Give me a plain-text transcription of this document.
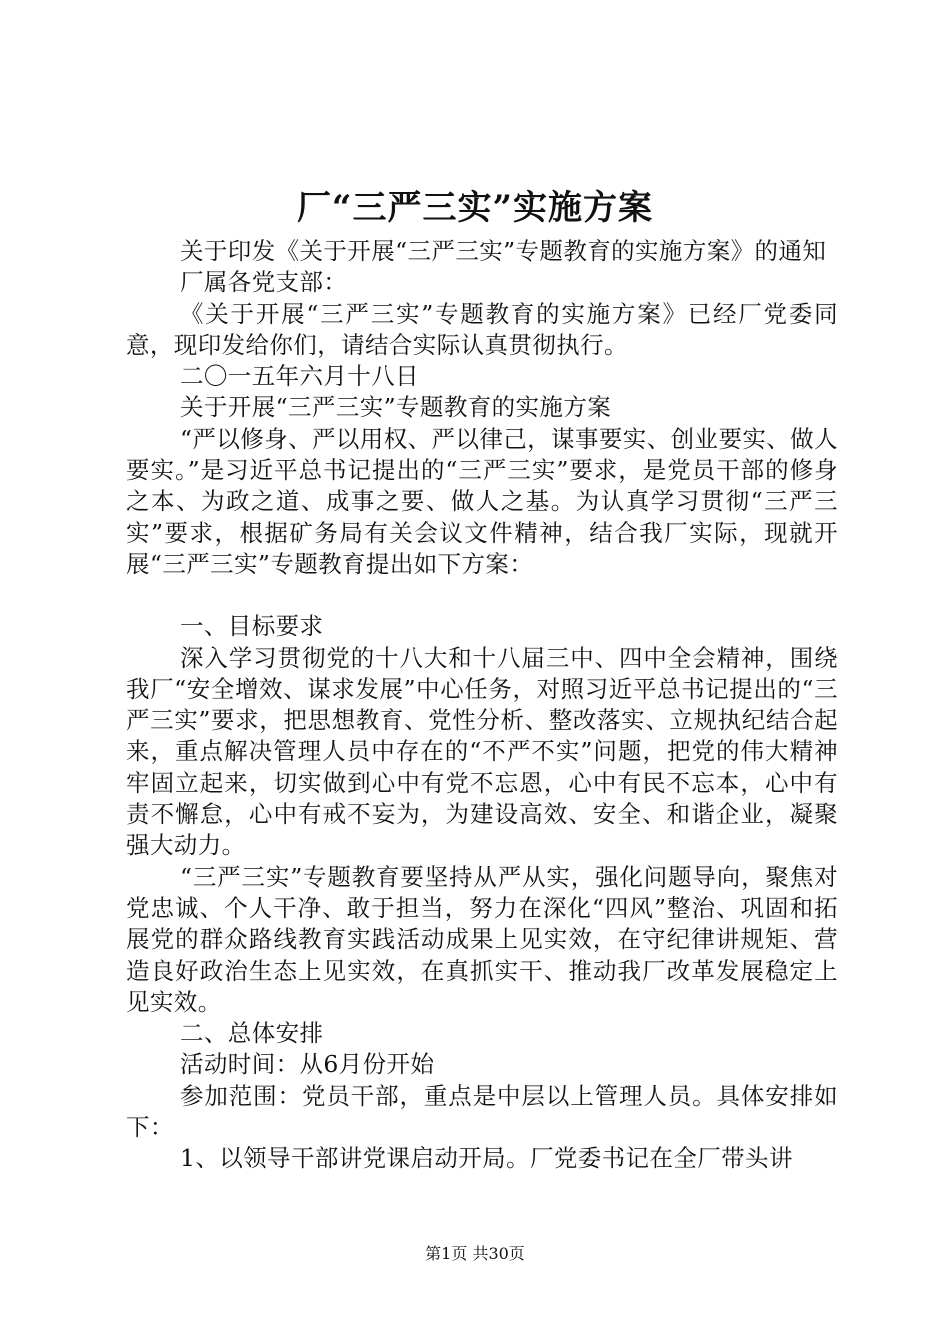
厂“三严三实”实施方案

关于印发《关于开展“三严三实”专题教育的实施方案》的通知

厂属各党支部：

《关于开展“三严三实”专题教育的实施方案》已经厂党委同意，现印发给你们，请结合实际认真贯彻执行。

二〇一五年六月十八日

关于开展“三严三实”专题教育的实施方案

“严以修身、严以用权、严以律己，谋事要实、创业要实、做人要实。”是习近平总书记提出的“三严三实”要求，是党员干部的修身之本、为政之道、成事之要、做人之基。为认真学习贯彻“三严三实”要求，根据矿务局有关会议文件精神，结合我厂实际，现就开展“三严三实”专题教育提出如下方案：

一、目标要求

深入学习贯彻党的十八大和十八届三中、四中全会精神，围绕我厂“安全增效、谋求发展”中心任务，对照习近平总书记提出的“三严三实”要求，把思想教育、党性分析、整改落实、立规执纪结合起来，重点解决管理人员中存在的“不严不实”问题，把党的伟大精神牢固立起来，切实做到心中有党不忘恩，心中有民不忘本，心中有责不懈怠，心中有戒不妄为，为建设高效、安全、和谐企业，凝聚强大动力。

“三严三实”专题教育要坚持从严从实，强化问题导向，聚焦对党忠诚、个人干净、敢于担当，努力在深化“四风”整治、巩固和拓展党的群众路线教育实践活动成果上见实效，在守纪律讲规矩、营造良好政治生态上见实效，在真抓实干、推动我厂改革发展稳定上见实效。

二、总体安排

活动时间：从6月份开始

参加范围：党员干部，重点是中层以上管理人员。具体安排如下：

1、以领导干部讲党课启动开局。厂党委书记在全厂带头讲

第1页 共30页
